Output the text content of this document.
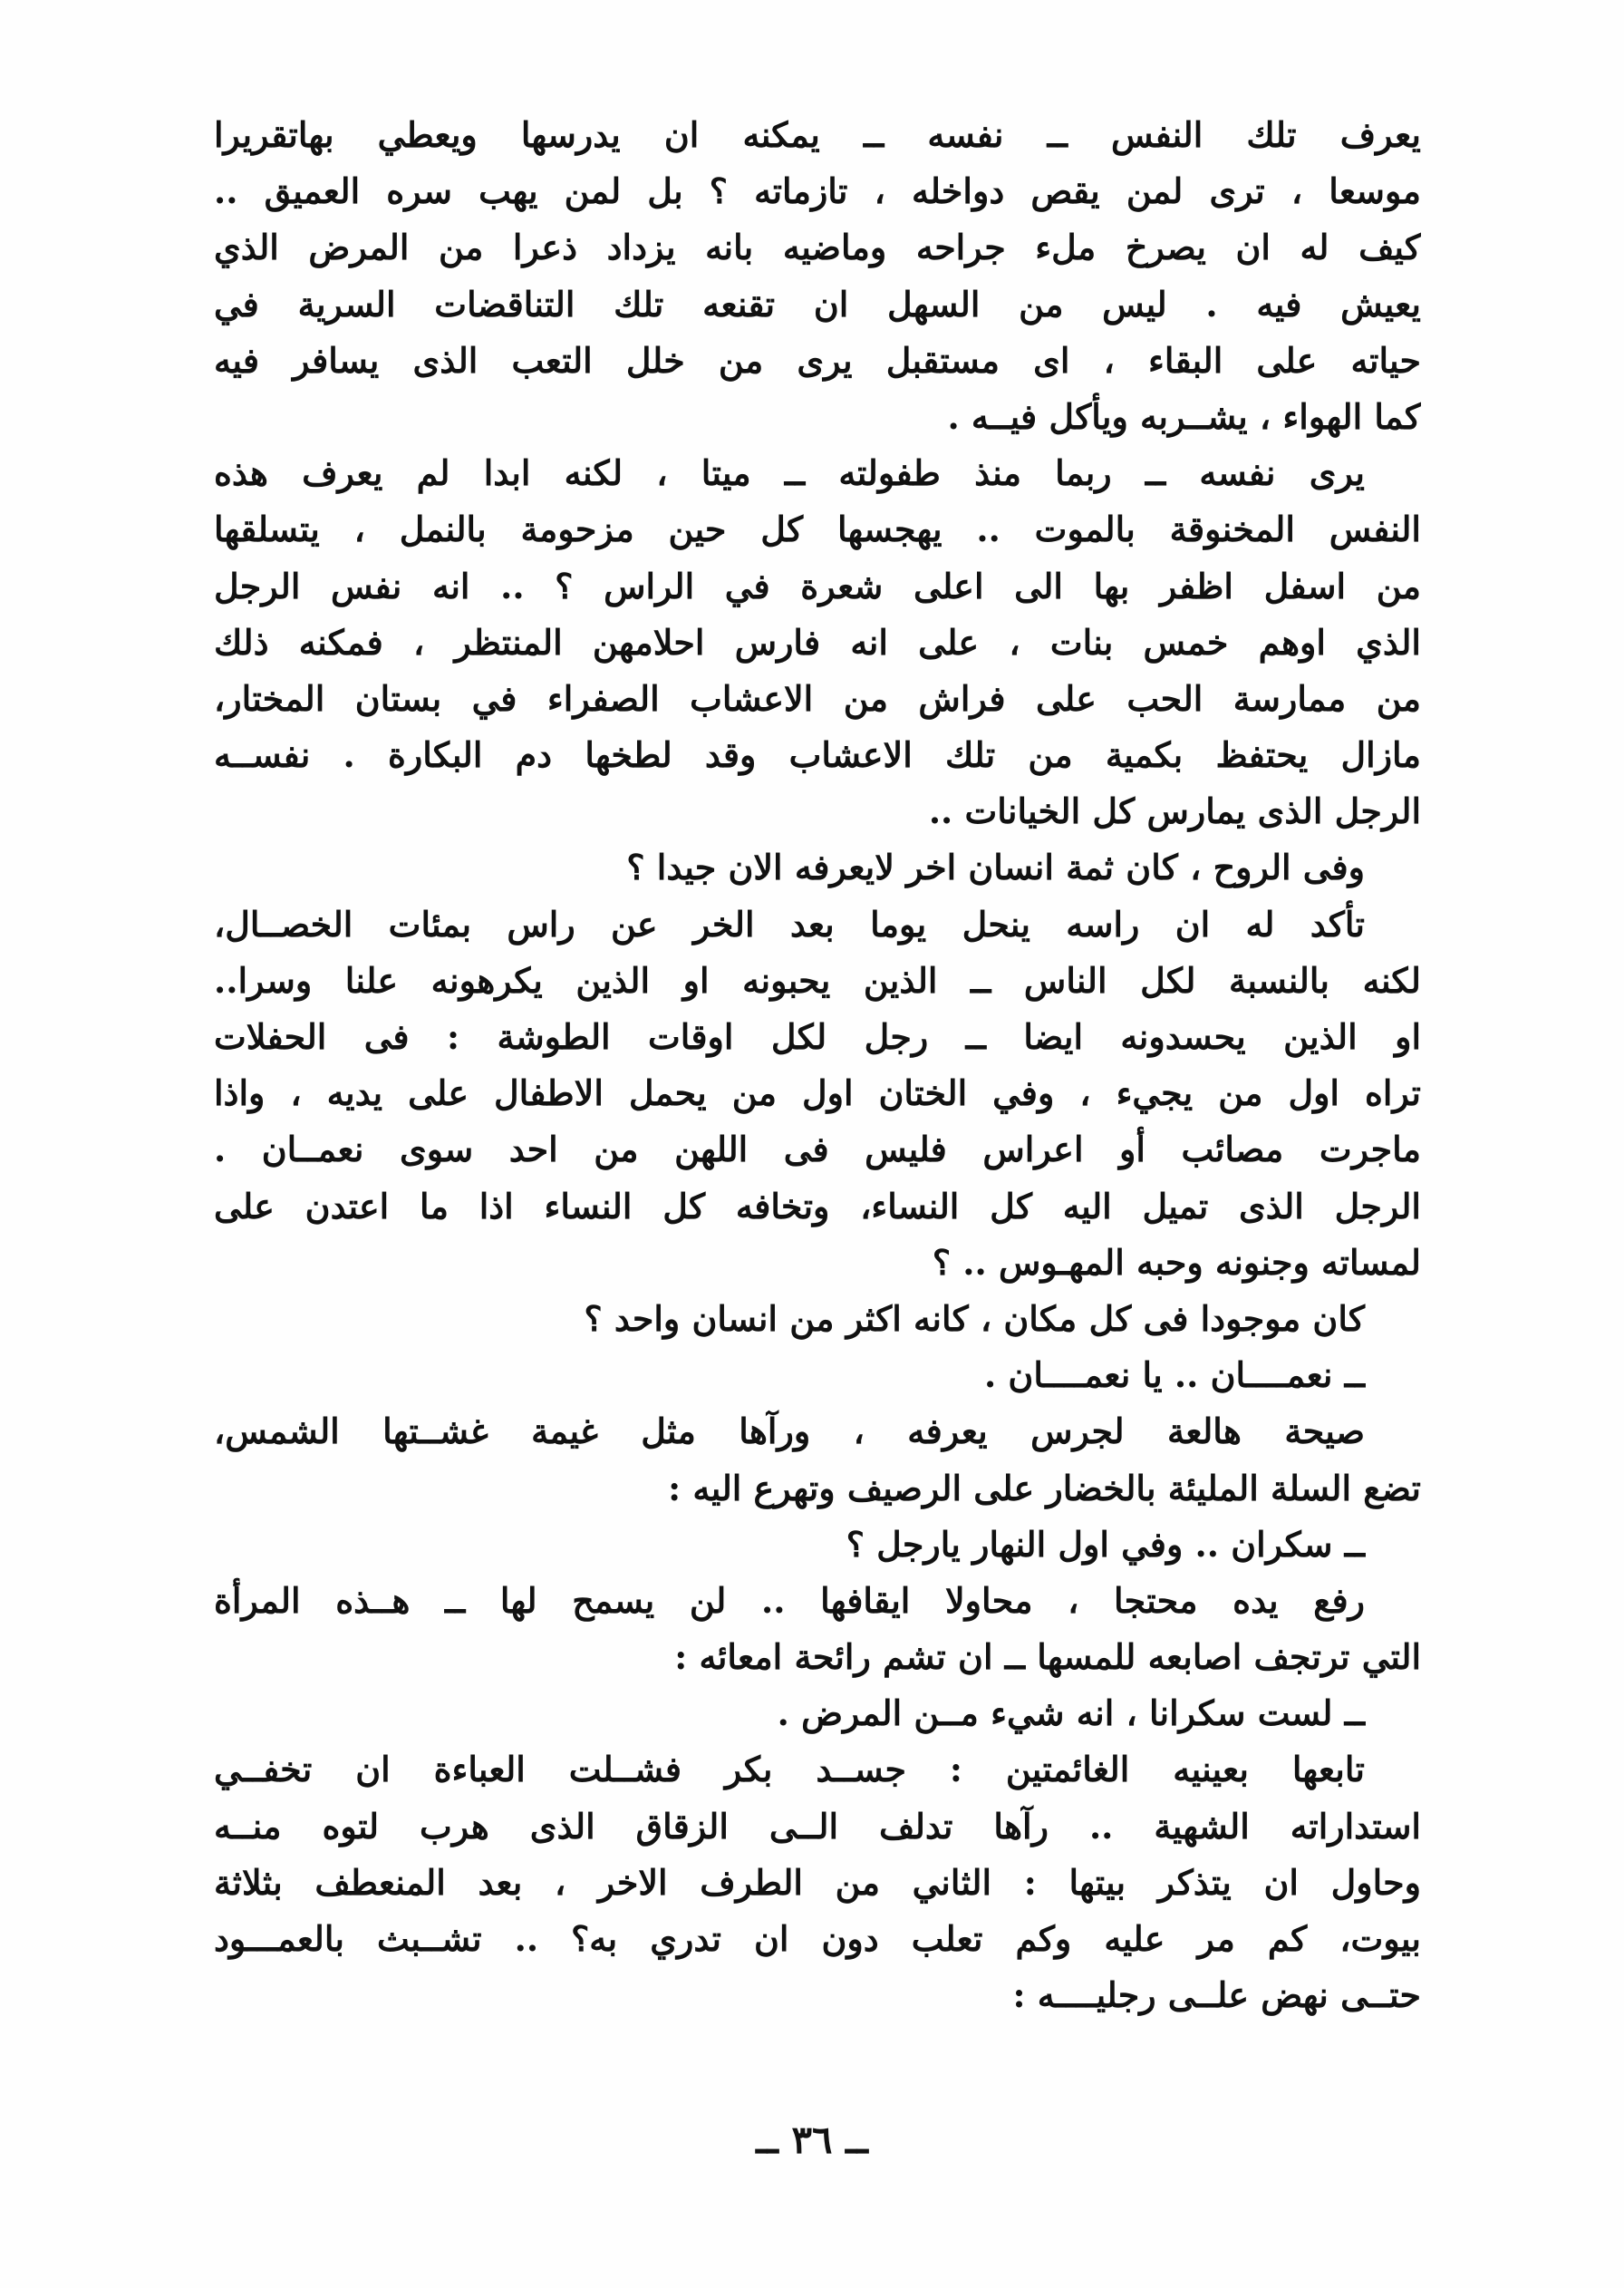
يعرف تلك النفس ــ نفسه ــ يمكنه ان يدرسها ويعطي بهاتقريرا
موسعا ، ترى لمن يقص دواخله ، تازماته ؟ بل لمن يهب سره العميق ..
كيف له ان يصرخ ملء جراحه وماضيه بانه يزداد ذعرا من المرض الذي
يعيش فيه . ليس من السهل ان تقنعه تلك التناقضات السرية في
حياته على البقاء ، اى مستقبل يرى من خلل التعب الذى يسافر فيه
كما الهواء ، يشــربه ويأكل فيــه .
يرى نفسه ــ ربما منذ طفولته ــ ميتا ، لكنه ابدا لم يعرف هذه
النفس المخنوقة بالموت .. يهجسها كل حين مزحومة بالنمل ، يتسلقها
من اسفل اظفر بها الى اعلى شعرة في الراس ؟ .. انه نفس الرجل
الذي اوهم خمس بنات ، على انه فارس احلامهن المنتظر ، فمكنه ذلك
من ممارسة الحب على فراش من الاعشاب الصفراء في بستان المختار،
مازال يحتفظ بكمية من تلك الاعشاب وقد لطخها دم البكارة . نفســه
الرجل الذى يمارس كل الخيانات ..
وفى الروح ، كان ثمة انسان اخر لايعرفه الان جيدا ؟
تأكد له ان راسه ينحل يوما بعد الخر عن راس بمئات الخصــال،
لكنه بالنسبة لكل الناس ــ الذين يحبونه او الذين يكرهونه علنا وسرا..
او الذين يحسدونه ايضا ــ رجل لكل اوقات الطوشة : فى الحفلات
تراه اول من يجيء ، وفي الختان اول من يحمل الاطفال على يديه ، واذا
ماجرت مصائب أو اعراس فليس فى اللهن من احد سوى نعمــان .
الرجل الذى تميل اليه كل النساء، وتخافه كل النساء اذا ما اعتدن على
لمساته وجنونه وحبه المهـوس .. ؟
كان موجودا فى كل مكان ، كانه اكثر من انسان واحد ؟
ــ نعمــــان .. يا نعمــــان .
صيحة هالعة لجرس يعرفه ، ورآها مثل غيمة غشــتها الشمس،
تضع السلة المليئة بالخضار على الرصيف وتهرع اليه :
ــ سكران .. وفي اول النهار يارجل ؟
رفع يده محتجا ، محاولا ايقافها .. لن يسمح لها ــ هــذه المرأة
التي ترتجف اصابعه للمسها ــ ان تشم رائحة امعائه :
ــ لست سكرانا ، انه شيء مــن المرض .
تابعها بعينيه الغائمتين : جســد بكر فشــلت العباءة ان تخفــي
استداراته الشهية .. رآها تدلف الــى الزقاق الذى هرب لتوه منــه
وحاول ان يتذكر بيتها : الثاني من الطرف الاخر ، بعد المنعطف بثلاثة
بيوت، كم مر عليه وكم تعلب دون ان تدري به؟ .. تشــبث بالعمـــود
حتــى نهض علــى رجليــــه :
ــ ٣٦ ــ
